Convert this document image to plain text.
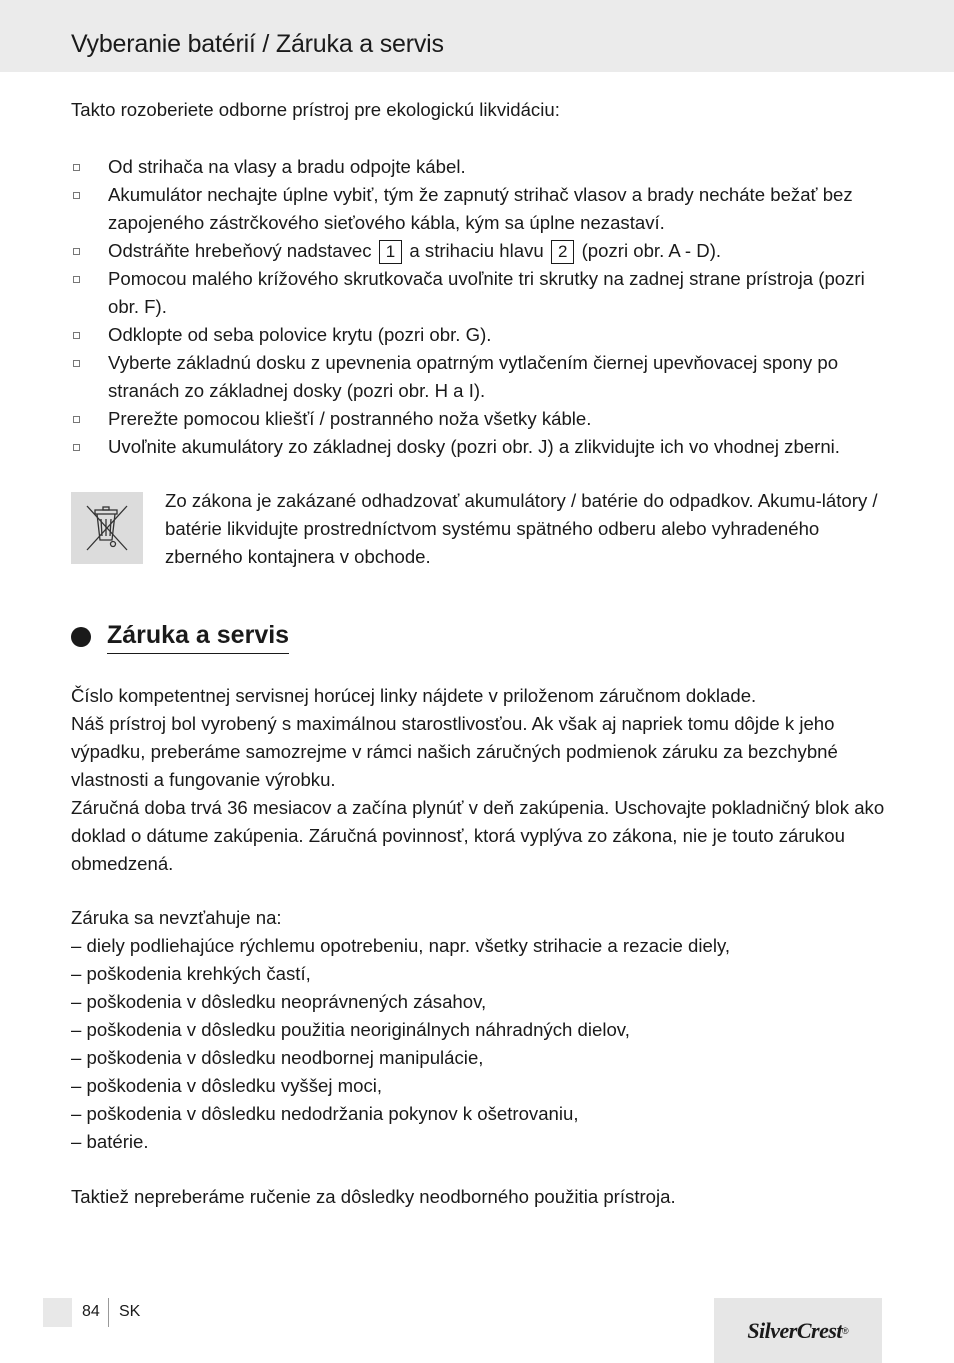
Vyberanie batérií / Záruka a servis

Takto rozoberiete odborne prístroj pre ekologickú likvidáciu:

Od strihača na vlasy a bradu odpojte kábel.
Akumulátor nechajte úplne vybiť, tým že zapnutý strihač vlasov a brady necháte bežať bez zapojeného zástrčkového sieťového kábla, kým sa úplne nezastaví.
Odstráňte hrebeňový nadstavec 1 a strihaciu hlavu 2 (pozri obr. A - D).
Pomocou malého krížového skrutkovača uvoľnite tri skrutky na zadnej strane prístroja (pozri obr. F).
Odklopte od seba polovice krytu (pozri obr. G).
Vyberte základnú dosku z upevnenia opatrným vytlačením čiernej upevňovacej spony po stranách zo základnej dosky (pozri obr. H a I).
Prerežte pomocou kliešťí / postranného noža všetky káble.
Uvoľnite akumulátory zo základnej dosky (pozri obr. J) a zlikvidujte ich vo vhodnej zberni.

Zo zákona je zakázané odhadzovať akumulátory / batérie do odpadkov. Akumu-látory / batérie likvidujte prostredníctvom systému spätného odberu alebo vyhradeného zberného kontajnera v obchode.

Záruka a servis
Číslo kompetentnej servisnej horúcej linky nájdete v priloženom záručnom doklade.
Náš prístroj bol vyrobený s maximálnou starostlivosťou. Ak však aj napriek tomu dôjde k jeho výpadku, preberáme samozrejme v rámci našich záručných podmienok záruku za bezchybné vlastnosti a fungovanie výrobku.
Záručná doba trvá 36 mesiacov a začína plynúť v deň zakúpenia. Uschovajte pokladničný blok ako doklad o dátume zakúpenia. Záručná povinnosť, ktorá vyplýva zo zákona, nie je touto zárukou obmedzená.

Záruka sa nevzťahuje na:

– diely podliehajúce rýchlemu opotrebeniu, napr. všetky strihacie a rezacie diely,
– poškodenia krehkých častí,
– poškodenia v dôsledku neoprávnených zásahov,
– poškodenia v dôsledku použitia neoriginálnych náhradných dielov,
– poškodenia v dôsledku neodbornej manipulácie,
– poškodenia v dôsledku vyššej moci,
– poškodenia v dôsledku nedodržania pokynov k ošetrovaniu,
– batérie.

Taktiež nepreberáme ručenie za dôsledky neodborného použitia prístroja.

84 SK
SilverCrest ®
